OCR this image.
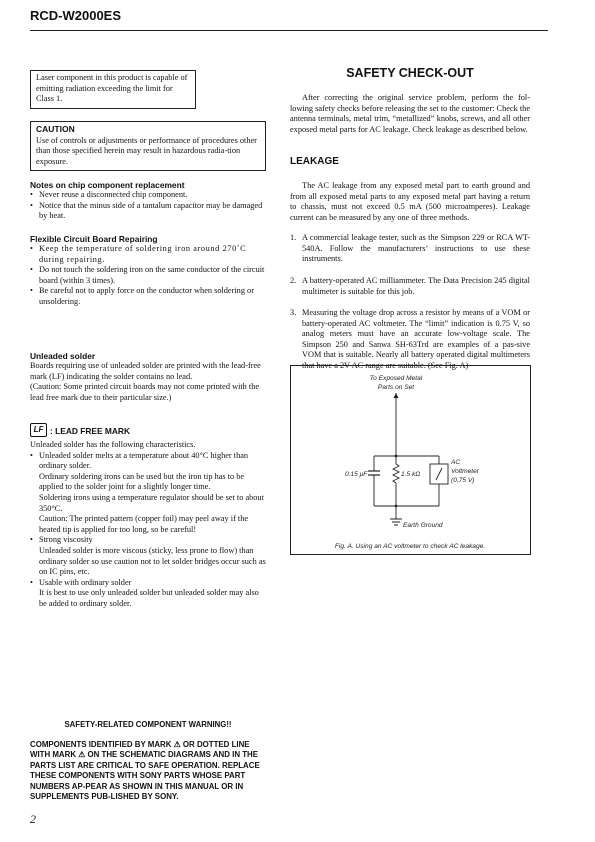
RCD-W2000ES
Laser component in this product is capable of emitting radiation exceeding the limit for Class 1.
CAUTION
Use of controls or adjustments or performance of procedures other than those specified herein may result in hazardous radia-tion exposure.
Notes on chip component replacement
• Never reuse a disconnected chip component.
• Notice that the minus side of a tantalum capacitor may be damaged by heat.
Flexible Circuit Board Repairing
• Keep the temperature of soldering iron around 270˚C during repairing.
• Do not touch the soldering iron on the same conductor of the circuit board (within 3 times).
• Be careful not to apply force on the conductor when soldering or unsoldering.
Unleaded solder

Boards requiring use of unleaded solder are printed with the lead-free mark (LF) indicating the solder contains no lead.

(Caution: Some printed circuit boards may not come printed with the lead free mark due to their particular size.)

LF : LEAD FREE MARK

Unleaded solder has the following characteristics.

• Unleaded solder melts at a temperature about 40°C higher than ordinary solder.
Ordinary soldering irons can be used but the iron tip has to be applied to the solder joint for a slightly longer time.
Soldering irons using a temperature regulator should be set to about 350°C.
Caution: The printed pattern (copper foil) may peel away if the heated tip is applied for too long, so be careful!
• Strong viscosity
Unleaded solder is more viscous (sticky, less prone to flow) than ordinary solder so use caution not to let solder bridges occur such as on IC pins, etc.
• Usable with ordinary solder
It is best to use only unleaded solder but unleaded solder may also be added to ordinary solder.
SAFETY-RELATED COMPONENT WARNING!!
COMPONENTS IDENTIFIED BY MARK ⚠ OR DOTTED LINE WITH MARK ⚠ ON THE SCHEMATIC DIAGRAMS AND IN THE PARTS LIST ARE CRITICAL TO SAFE OPERATION. REPLACE THESE COMPONENTS WITH SONY PARTS WHOSE PART NUMBERS AP-PEAR AS SHOWN IN THIS MANUAL OR IN SUPPLEMENTS PUB-LISHED BY SONY.
2
SAFETY CHECK-OUT

After correcting the original service problem, perform the fol-lowing safety checks before releasing the set to the customer: Check the antenna terminals, metal trim, “metallized” knobs, screws, and all other exposed metal parts for AC leakage. Check leakage as described below.

LEAKAGE

The AC leakage from any exposed metal part to earth ground and from all exposed metal parts to any exposed metal part having a return to chassis, must not exceed 0.5 mA (500 microamperes). Leakage current can be measured by any one of three methods.

1. A commercial leakage tester, such as the Simpson 229 or RCA WT-540A. Follow the manufacturers’ instructions to use these instruments.
2. A battery-operated AC milliammeter. The Data Precision 245 digital multimeter is suitable for this job.
3. Measuring the voltage drop across a resistor by means of a VOM or battery-operated AC voltmeter. The “limit” indication is 0.75 V, so analog meters must have an accurate low-voltage scale. The Simpson 250 and Sanwa SH-63Trd are examples of a pas-sive VOM that is suitable. Nearly all battery operated digital multimeters that have a 2V AC range are suitable. (See Fig. A)
To Exposed Metal
Parts on Set
0.15 μF	1.5 kΩ
AC
Voltmeter
(0.75 V)
Earth Ground
Fig. A. Using an AC voltmeter to check AC leakage.
